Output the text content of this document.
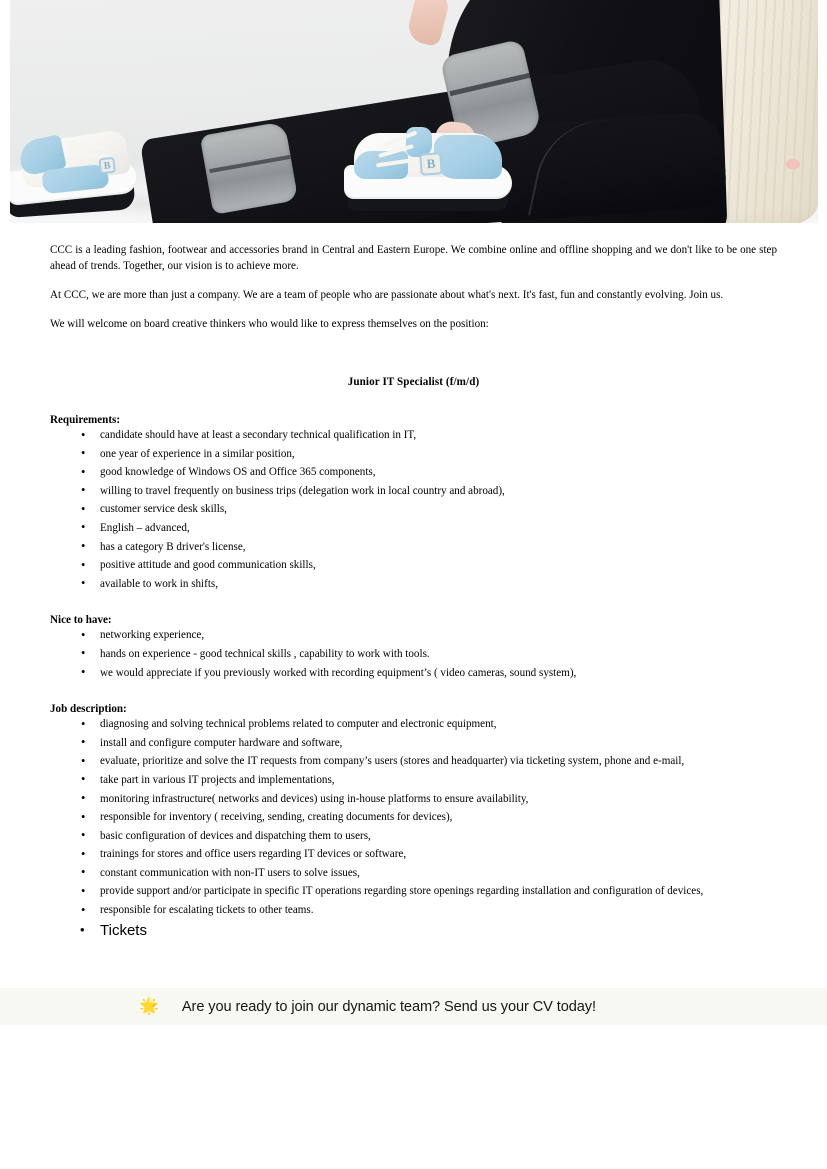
B	B

CCC is a leading fashion, footwear and accessories brand in Central and Eastern Europe. We combine online and offline shopping and we don't like to be one step ahead of trends. Together, our vision is to achieve more.

At CCC, we are more than just a company. We are a team of people who are passionate about what's next. It's fast, fun and constantly evolving. Join us.

We will welcome on board creative thinkers who would like to express themselves on the position:

Junior IT Specialist (f/m/d)
Requirements:
• candidate should have at least a secondary technical qualification in IT,
• one year of experience in a similar position,
• good knowledge of Windows OS and Office 365 components,
• willing to travel frequently on business trips (delegation work in local country and abroad),
• customer service desk skills,
• English – advanced,
• has a category B driver's license,
• positive attitude and good communication skills,
• available to work in shifts,
Nice to have:
• networking experience,
• hands on experience - good technical skills , capability to work with tools.
• we would appreciate if you previously worked with recording equipment’s ( video cameras, sound system),
Job description:
• diagnosing and solving technical problems related to computer and electronic equipment,
• install and configure computer hardware and software,
• evaluate, prioritize and solve the IT requests from company’s users (stores and headquarter) via ticketing system, phone and e-mail,
• take part in various IT projects and implementations,
• monitoring infrastructure( networks and devices) using in-house platforms to ensure availability,
• responsible for inventory ( receiving, sending, creating documents for devices),
• basic configuration of devices and dispatching them to users,
• trainings for stores and office users regarding IT devices or software,
• constant communication with non-IT users to solve issues,
• provide support and/or participate in specific IT operations regarding store openings regarding installation and configuration of devices,
• responsible for escalating tickets to other teams.
• Tickets
🌟 Are you ready to join our dynamic team? Send us your CV today!
